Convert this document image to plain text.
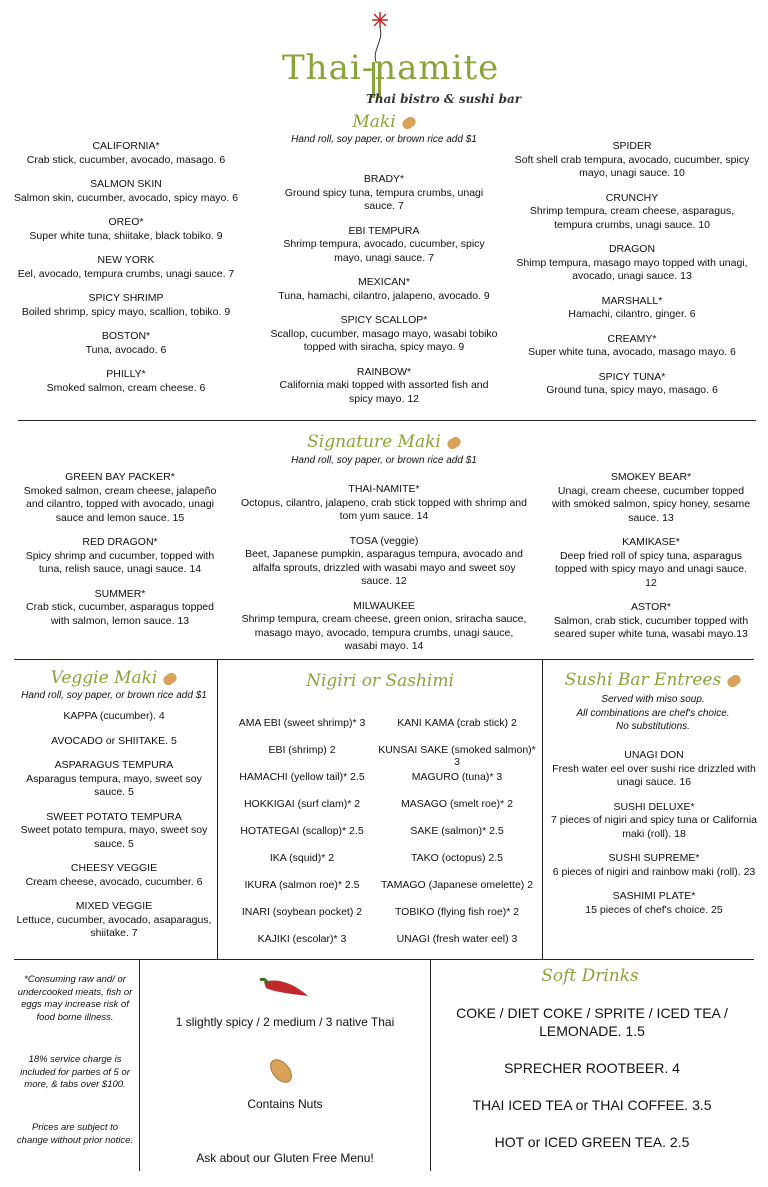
Thai-namite
Thai bistro & sushi bar
Maki
Hand roll, soy paper, or brown rice add $1
CALIFORNIA*
Crab stick, cucumber, avocado, masago. 6
SALMON SKIN
Salmon skin, cucumber, avocado, spicy mayo. 6
OREO*
Super white tuna, shiitake, black tobiko. 9
NEW YORK
Eel, avocado, tempura crumbs, unagi sauce. 7
SPICY SHRIMP
Boiled shrimp, spicy mayo, scallion, tobiko. 9
BOSTON*
Tuna, avocado. 6
PHILLY*
Smoked salmon, cream cheese. 6
BRADY*
Ground spicy tuna, tempura crumbs, unagi sauce. 7
EBI TEMPURA
Shrimp tempura, avocado, cucumber, spicy mayo, unagi sauce. 7
MEXICAN*
Tuna, hamachi, cilantro, jalapeno, avocado. 9
SPICY SCALLOP*
Scallop, cucumber, masago mayo, wasabi tobiko topped with siracha, spicy mayo. 9
RAINBOW*
California maki topped with assorted fish and spicy mayo. 12
SPIDER
Soft shell crab tempura, avocado, cucumber, spicy mayo, unagi sauce. 10
CRUNCHY
Shrimp tempura, cream cheese, asparagus, tempura crumbs, unagi sauce. 10
DRAGON
Shimp tempura, masago mayo topped with unagi, avocado, unagi sauce. 13
MARSHALL*
Hamachi, cilantro, ginger. 6
CREAMY*
Super white tuna, avocado, masago mayo. 6
SPICY TUNA*
Ground tuna, spicy mayo, masago. 6
Signature Maki
Hand roll, soy paper, or brown rice add $1
GREEN BAY PACKER*
Smoked salmon, cream cheese, jalapeño and cilantro, topped with avocado, unagi sauce and lemon sauce. 15
RED DRAGON*
Spicy shrimp and cucumber, topped with tuna, relish sauce, unagi sauce. 14
SUMMER*
Crab stick, cucumber, asparagus topped with salmon, lemon sauce. 13
THAI-NAMITE*
Octopus, cilantro, jalapeno, crab stick topped with shrimp and tom yum sauce. 14
TOSA (veggie)
Beet, Japanese pumpkin, asparagus tempura, avocado and alfalfa sprouts, drizzled with wasabi mayo and sweet soy sauce. 12
MILWAUKEE
Shrimp tempura, cream cheese, green onion, sriracha sauce, masago mayo, avocado, tempura crumbs, unagi sauce, wasabi mayo. 14
SMOKEY BEAR*
Unagi, cream cheese, cucumber topped with smoked salmon, spicy honey, sesame sauce. 13
KAMIKASE*
Deep fried roll of spicy tuna, asparagus topped with spicy mayo and unagi sauce. 12
ASTOR*
Salmon, crab stick, cucumber topped with seared super white tuna, wasabi mayo.13
Veggie Maki
Hand roll, soy paper, or brown rice add $1
KAPPA (cucumber). 4
AVOCADO or SHIITAKE. 5
ASPARAGUS TEMPURA
Asparagus tempura, mayo, sweet soy sauce. 5
SWEET POTATO TEMPURA
Sweet potato tempura, mayo, sweet soy sauce. 5
CHEESY VEGGIE
Cream cheese, avocado, cucumber. 6
MIXED VEGGIE
Lettuce, cucumber, avocado, asaparagus, shiitake. 7
Nigiri or Sashimi
AMA EBI (sweet shrimp)* 3
EBI (shrimp) 2
HAMACHI (yellow tail)* 2.5
HOKKIGAI (surf clam)* 2
HOTATEGAI (scallop)* 2.5
IKA (squid)* 2
IKURA (salmon roe)* 2.5
INARI (soybean pocket) 2
KAJIKI (escolar)* 3
KANI KAMA (crab stick) 2
KUNSAI SAKE (smoked salmon)* 3
MAGURO (tuna)* 3
MASAGO (smelt roe)* 2
SAKE (salmon)* 2.5
TAKO (octopus) 2.5
TAMAGO (Japanese omelette) 2
TOBIKO (flying fish roe)* 2
UNAGI (fresh water eel) 3
Sushi Bar Entrees
Served with miso soup.
All combinations are chef's choice.
No substitutions.
UNAGI DON
Fresh water eel over sushi rice drizzled with unagi sauce. 16
SUSHI DELUXE*
7 pieces of nigiri and spicy tuna or California maki (roll). 18
SUSHI SUPREME*
6 pieces of nigiri and rainbow maki (roll). 23
SASHIMI PLATE*
15 pieces of chef's choice. 25
*Consuming raw and/ or undercooked meats, fish or eggs may increase risk of food borne illness.
18% service charge is included for parties of 5 or more, & tabs over $100.
Prices are subject to change without prior notice.
1 slightly spicy / 2 medium / 3 native Thai
Contains Nuts
Ask about our Gluten Free Menu!
Soft Drinks
COKE / DIET COKE / SPRITE / ICED TEA / LEMONADE. 1.5
SPRECHER ROOTBEER. 4
THAI ICED TEA or THAI COFFEE. 3.5
HOT or ICED GREEN TEA. 2.5
